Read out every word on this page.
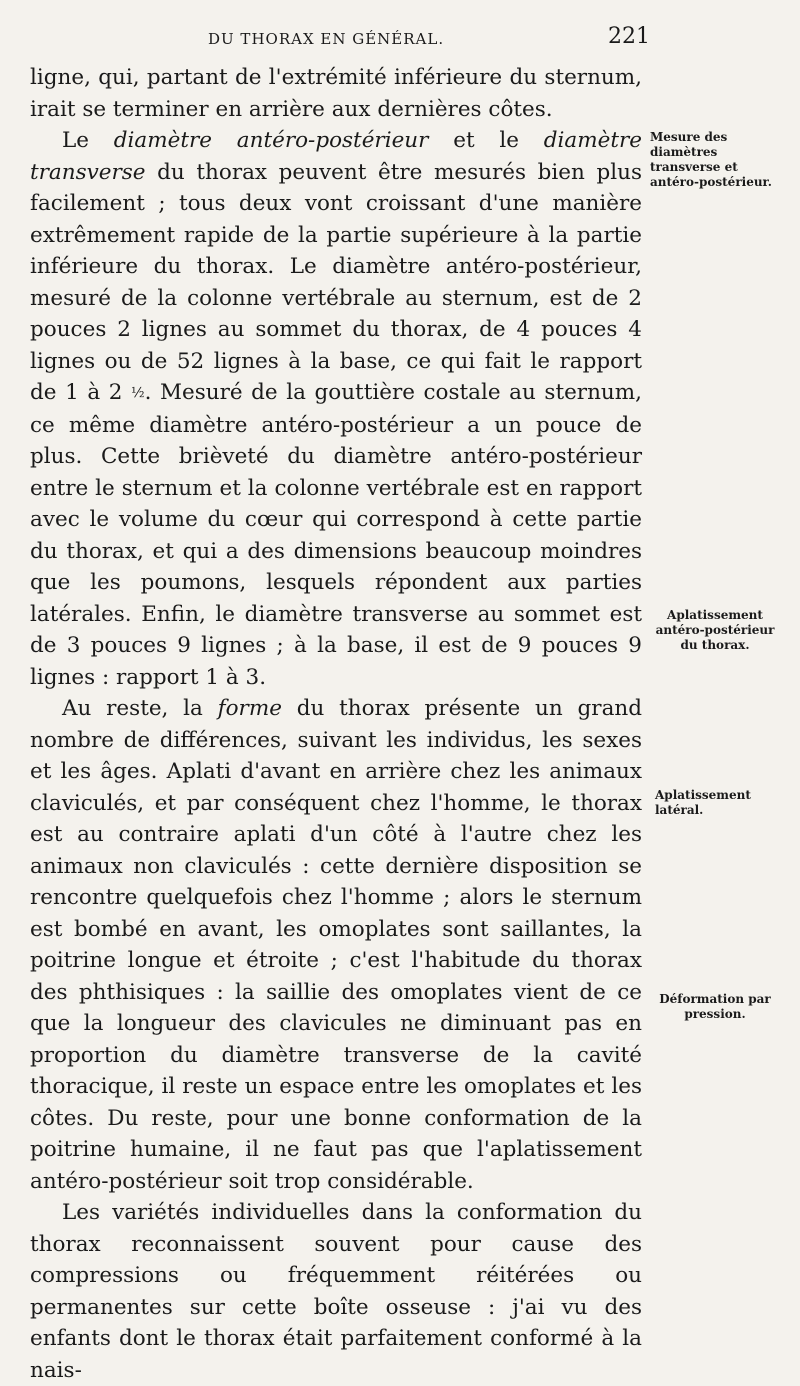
DU THORAX EN GÉNÉRAL.	221

ligne, qui, partant de l'extrémité inférieure du sternum, irait se terminer en arrière aux dernières côtes.

Le diamètre antéro-postérieur et le diamètre transverse du thorax peuvent être mesurés bien plus facilement ; tous deux vont croissant d'une manière extrêmement rapide de la partie supérieure à la partie inférieure du thorax. Le diamètre antéro-postérieur, mesuré de la colonne vertébrale au sternum, est de 2 pouces 2 lignes au sommet du thorax, de 4 pouces 4 lignes ou de 52 lignes à la base, ce qui fait le rapport de 1 à 2 ½. Mesuré de la gouttière costale au sternum, ce même diamètre antéro-postérieur a un pouce de plus. Cette brièveté du diamètre antéro-postérieur entre le sternum et la colonne vertébrale est en rapport avec le volume du cœur qui correspond à cette partie du thorax, et qui a des dimensions beaucoup moindres que les poumons, lesquels répondent aux parties latérales. Enfin, le diamètre transverse au sommet est de 3 pouces 9 lignes ; à la base, il est de 9 pouces 9 lignes : rapport 1 à 3.

Au reste, la forme du thorax présente un grand nombre de différences, suivant les individus, les sexes et les âges. Aplati d'avant en arrière chez les animaux claviculés, et par conséquent chez l'homme, le thorax est au contraire aplati d'un côté à l'autre chez les animaux non claviculés : cette dernière disposition se rencontre quelquefois chez l'homme ; alors le sternum est bombé en avant, les omoplates sont saillantes, la poitrine longue et étroite ; c'est l'habitude du thorax des phthisiques : la saillie des omoplates vient de ce que la longueur des clavicules ne diminuant pas en proportion du diamètre transverse de la cavité thoracique, il reste un espace entre les omoplates et les côtes. Du reste, pour une bonne conformation de la poitrine humaine, il ne faut pas que l'aplatissement antéro-postérieur soit trop considérable.

Les variétés individuelles dans la conformation du thorax reconnaissent souvent pour cause des compressions ou fréquemment réitérées ou permanentes sur cette boîte osseuse : j'ai vu des enfants dont le thorax était parfaitement conformé à la nais-

Mesure des diamètres transverse et antéro-postérieur.
Aplatissement antéro-postérieur du thorax.
Aplatissement latéral.
Déformation par pression.
